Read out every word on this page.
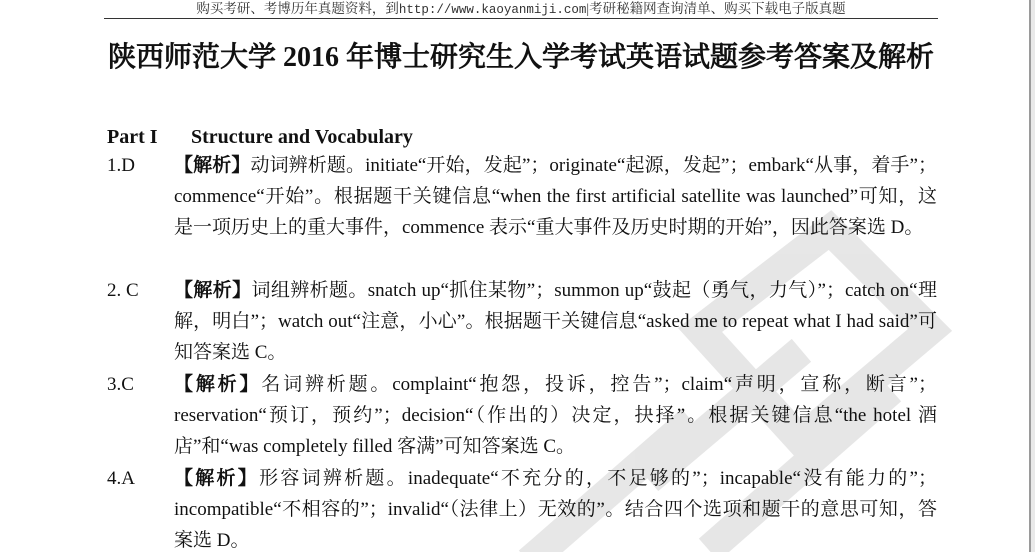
购买考研、考博历年真题资料，到http://www.kaoyanmiji.com|考研秘籍网查询清单、购买下载电子版真题
陕西师范大学 2016 年博士研究生入学考试英语试题参考答案及解析
Part I Structure and Vocabulary
1.D	【解析】动词辨析题。initiate“开始，发起”；originate“起源，发起”；embark“从事，着手”；commence“开始”。根据题干关键信息“when the first artificial satellite was launched”可知，这是一项历史上的重大事件，commence 表示“重大事件及历史时期的开始”，因此答案选 D。
2. C	【解析】词组辨析题。snatch up“抓住某物”；summon up“鼓起（勇气，力气）”；catch on“理解，明白”；watch out“注意，小心”。根据题干关键信息“asked me to repeat what I had said”可知答案选 C。
3.C	【解析】名词辨析题。complaint“抱怨，投诉，控告”；claim“声明，宣称，断言”；reservation“预订，预约”；decision“（作出的）决定，抉择”。根据关键信息“the hotel 酒店”和“was completely filled 客满”可知答案选 C。
4.A	【解析】形容词辨析题。inadequate“不充分的，不足够的”；incapable“没有能力的”；incompatible“不相容的”；invalid“（法律上）无效的”。结合四个选项和题干的意思可知，答案选 D。
